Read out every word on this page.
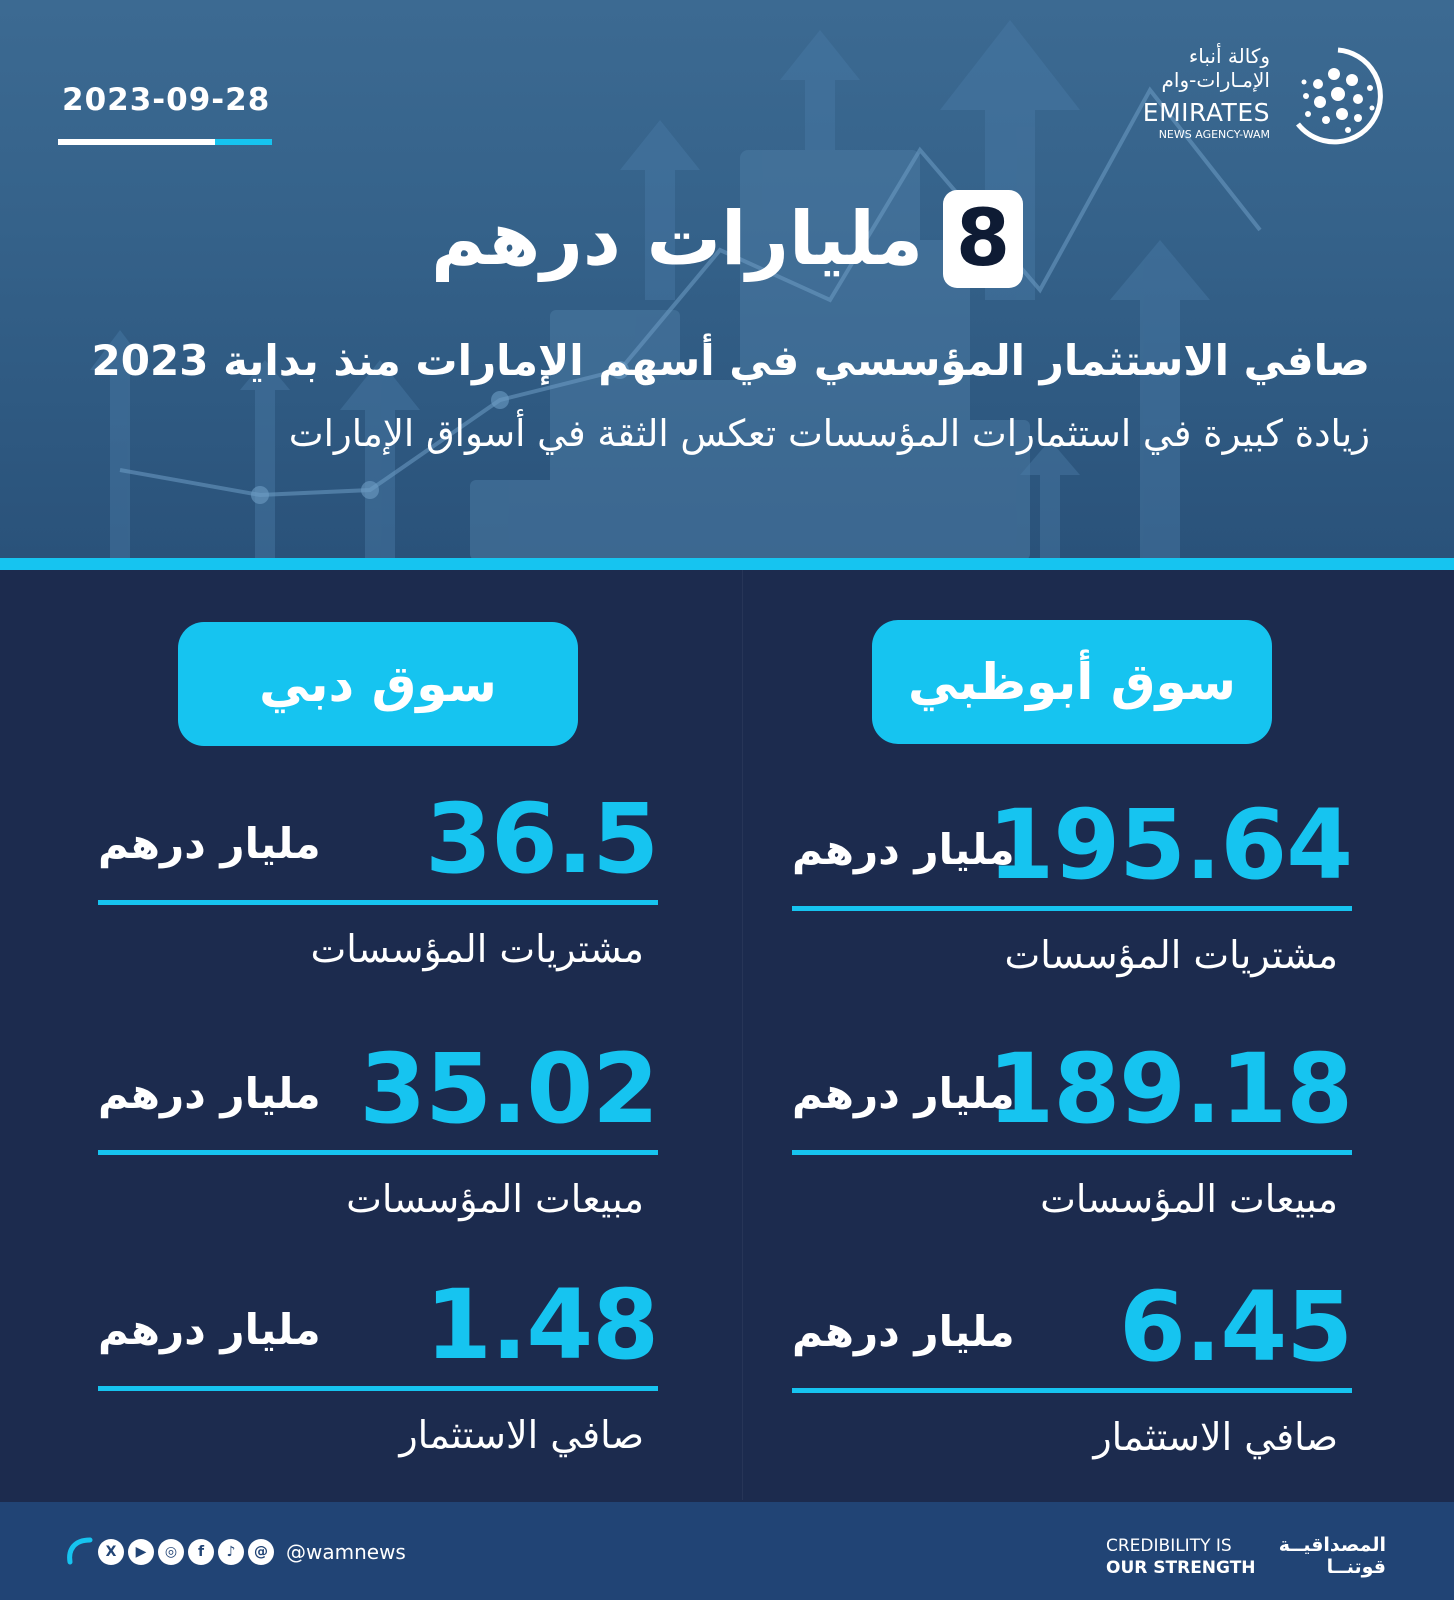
2023-09-28
وكالة أنباء
الإمـارات-وام
EMIRATES
NEWS AGENCY-WAM
8
مليارات درهم
صافي الاستثمار المؤسسي في أسهم الإمارات منذ بداية 2023
زيادة كبيرة في استثمارات المؤسسات تعكس الثقة في أسواق الإمارات
سوق أبوظبي
195.64
مليار درهم
مشتريات المؤسسات
189.18
مليار درهم
مبيعات المؤسسات
6.45
مليار درهم
صافي الاستثمار
سوق دبي
36.5
مليار درهم
مشتريات المؤسسات
35.02
مليار درهم
مبيعات المؤسسات
1.48
مليار درهم
صافي الاستثمار
X	▶	◎	f	♪	@ @wamnews	CREDIBILITY IS
OUR STRENGTH
المصداقيــة
قوتنــا
